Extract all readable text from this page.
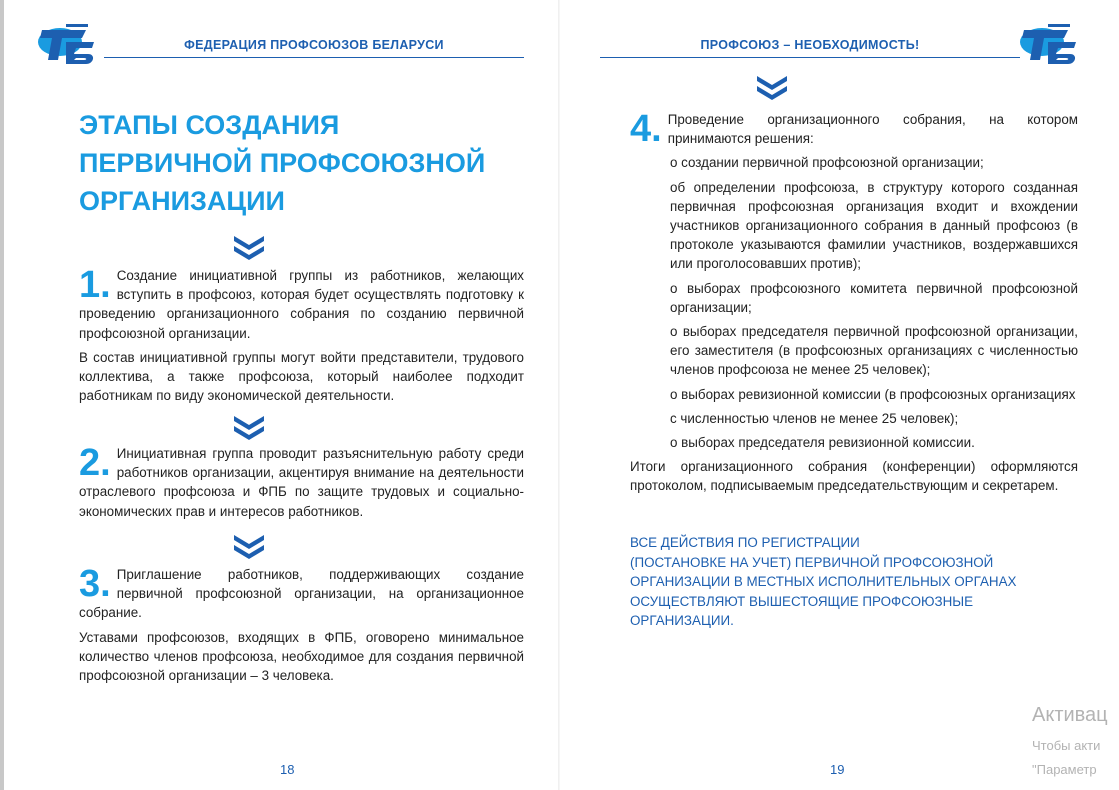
ФЕДЕРАЦИЯ ПРОФСОЮЗОВ БЕЛАРУСИ
ЭТАПЫ СОЗДАНИЯ
ПЕРВИЧНОЙ ПРОФСОЮЗНОЙ
ОРГАНИЗАЦИИ
1. Создание инициативной группы из работников, желающих вступить в профсоюз, которая будет осуществлять подготовку к проведению организационного собрания по созданию первичной профсоюзной организации.

В состав инициативной группы могут войти представители, трудового коллектива, а также профсоюза, который наиболее подходит работникам по виду экономической деятельности.

2. Инициативная группа проводит разъяснительную работу среди работников организации, акцентируя внимание на деятельности отраслевого профсоюза и ФПБ по защите трудовых и социально-экономических прав и интересов работников.

3. Приглашение работников, поддерживающих создание первичной профсоюзной организации, на организационное собрание.

Уставами профсоюзов, входящих в ФПБ, оговорено минимальное количество членов профсоюза, необходимое для создания первичной профсоюзной организации – 3 человека.

18
ПРОФСОЮЗ – НЕОБХОДИМОСТЬ!
4. Проведение организационного собрания, на котором принимаются решения:

о создании первичной профсоюзной организации;

об определении профсоюза, в структуру которого созданная первичная профсоюзная организация входит и вхождении участников организационного собрания в данный профсоюз (в протоколе указываются фамилии участников, воздержавшихся или проголосовавших против);

о выборах профсоюзного комитета первичной профсоюзной организации;

о выборах председателя первичной профсоюзной организации, его заместителя (в профсоюзных организациях с численностью членов профсоюза не менее 25 человек);

о выборах ревизионной комиссии (в профсоюзных организациях

с численностью членов не менее 25 человек);

о выборах председателя ревизионной комиссии.

Итоги организационного собрания (конференции) оформляются протоколом, подписываемым председательствующим и секретарем.

ВСЕ ДЕЙСТВИЯ ПО РЕГИСТРАЦИИ
(ПОСТАНОВКЕ НА УЧЕТ) ПЕРВИЧНОЙ ПРОФСОЮЗНОЙ
ОРГАНИЗАЦИИ В МЕСТНЫХ ИСПОЛНИТЕЛЬНЫХ ОРГАНАХ
ОСУЩЕСТВЛЯЮТ ВЫШЕСТОЯЩИЕ ПРОФСОЮЗНЫЕ
ОРГАНИЗАЦИИ.
19
Активац
Чтобы акти
"Параметр
